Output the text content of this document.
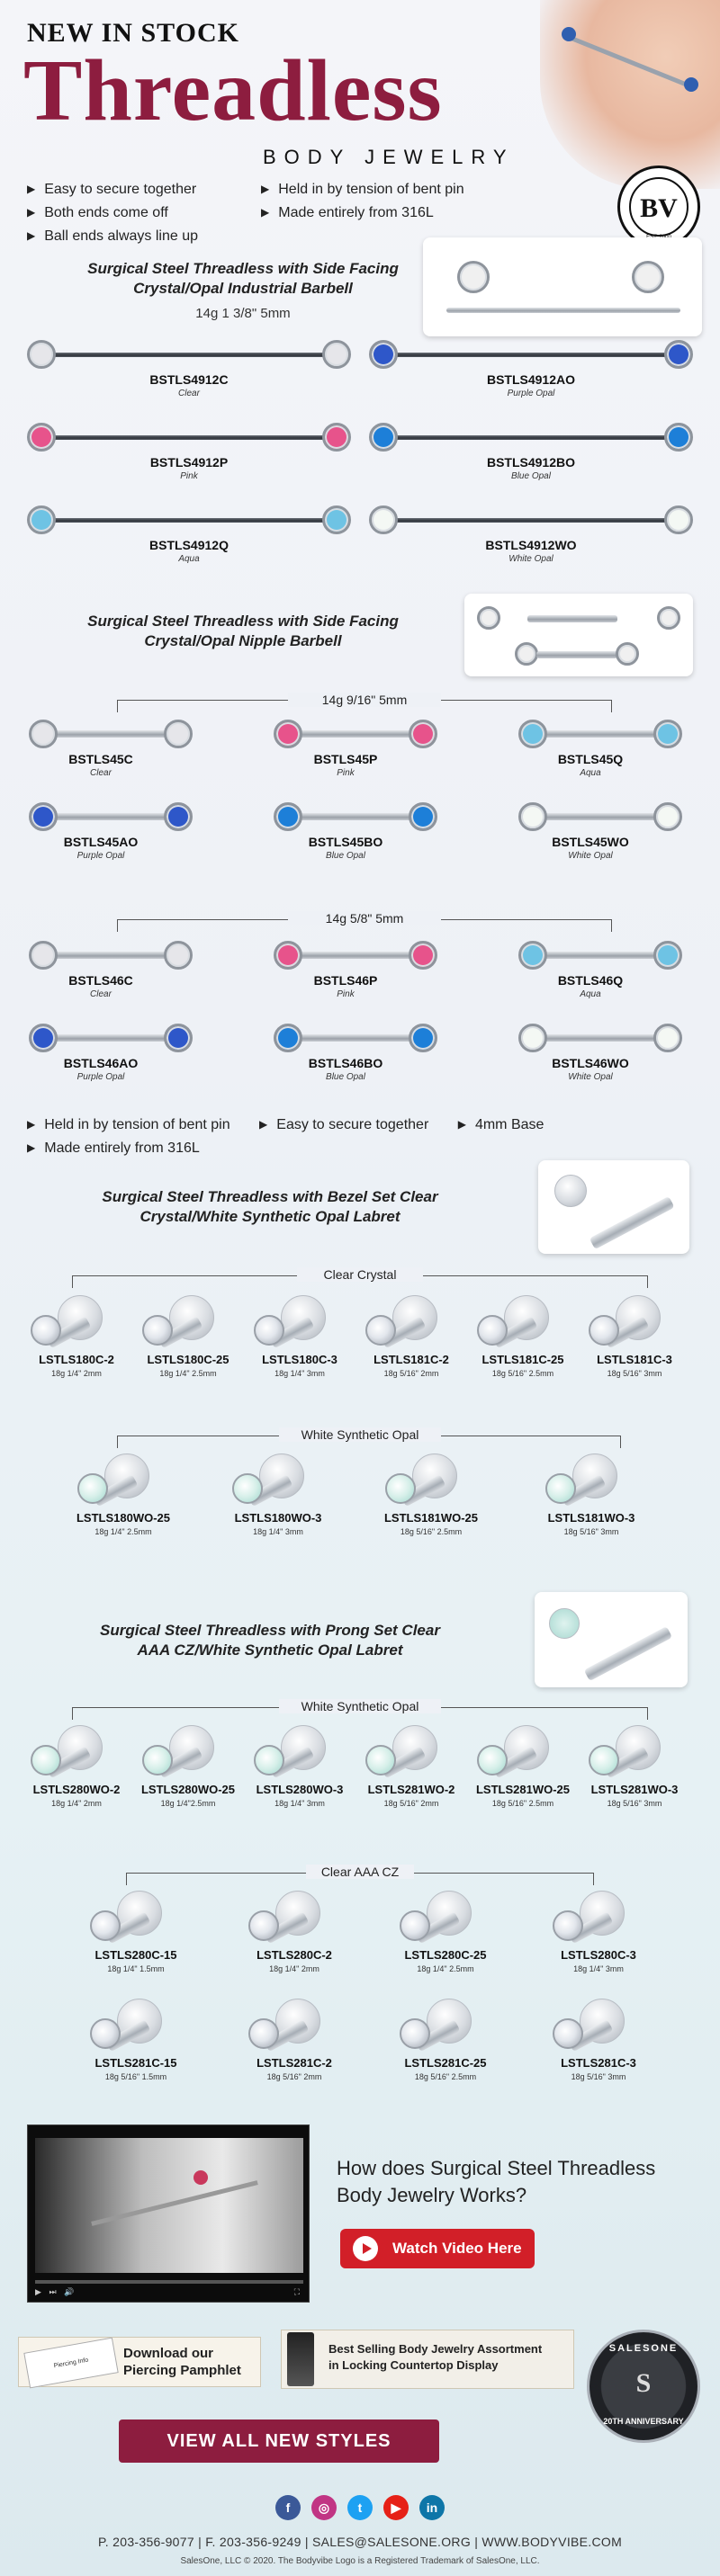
NEW IN STOCK
Threadless
BODY JEWELRY
▶ Easy to secure together
▶ Both ends come off
▶ Ball ends always line up
▶ Held in by tension of bent pin
▶ Made entirely from 316L	BV
Surgical Steel Threadless with Side Facing
Crystal/Opal Industrial Barbell
14g 1 3/8" 5mm
Surgical Steel Threadless with Side Facing
Crystal/Opal Nipple Barbell
14g 9/16" 5mm
14g 5/8" 5mm
▶ Held in by tension of bent pin	▶ Easy to secure together	▶ 4mm Base
▶ Made entirely from 316L
Surgical Steel Threadless with Bezel Set Clear
Crystal/White Synthetic Opal Labret
Clear Crystal
White Synthetic Opal
Surgical Steel Threadless with Prong Set Clear
AAA CZ/White Synthetic Opal Labret
White Synthetic Opal
Clear AAA CZ
▶ ⏭ 🔊	⛶
How does Surgical Steel Threadless
Body Jewelry Works?
Watch Video Here
Piercing Info
Download our
Piercing Pamphlet
Best Selling Body Jewelry Assortment
in Locking Countertop Display
SALESONE
S
20TH ANNIVERSARY
VIEW ALL NEW STYLES
P. 203-356-9077 | F. 203-356-9249 | SALES@SALESONE.ORG | WWW.BODYVIBE.COM
SalesOne, LLC © 2020. The Bodyvibe Logo is a Registered Trademark of SalesOne, LLC.
BSTLS4912C
Clear
BSTLS4912AO
Purple Opal
BSTLS4912P
Pink
BSTLS4912BO
Blue Opal
BSTLS4912Q
Aqua
BSTLS4912WO
White Opal
BSTLS45C
Clear
BSTLS45P
Pink
BSTLS45Q
Aqua
BSTLS45AO
Purple Opal
BSTLS45BO
Blue Opal
BSTLS45WO
White Opal
BSTLS46C
Clear
BSTLS46P
Pink
BSTLS46Q
Aqua
BSTLS46AO
Purple Opal
BSTLS46BO
Blue Opal
BSTLS46WO
White Opal
LSTLS180C-2
18g 1/4" 2mm
LSTLS180C-25
18g 1/4" 2.5mm
LSTLS180C-3
18g 1/4" 3mm
LSTLS181C-2
18g 5/16" 2mm
LSTLS181C-25
18g 5/16" 2.5mm
LSTLS181C-3
18g 5/16" 3mm
LSTLS180WO-25
18g 1/4" 2.5mm
LSTLS180WO-3
18g 1/4" 3mm
LSTLS181WO-25
18g 5/16" 2.5mm
LSTLS181WO-3
18g 5/16" 3mm
LSTLS280WO-2
18g 1/4" 2mm
LSTLS280WO-25
18g 1/4"2.5mm
LSTLS280WO-3
18g 1/4" 3mm
LSTLS281WO-2
18g 5/16" 2mm
LSTLS281WO-25
18g 5/16" 2.5mm
LSTLS281WO-3
18g 5/16" 3mm
LSTLS280C-15
18g 1/4" 1.5mm
LSTLS280C-2
18g 1/4" 2mm
LSTLS280C-25
18g 1/4" 2.5mm
LSTLS280C-3
18g 1/4" 3mm
LSTLS281C-15
18g 5/16" 1.5mm
LSTLS281C-2
18g 5/16" 2mm
LSTLS281C-25
18g 5/16" 2.5mm
LSTLS281C-3
18g 5/16" 3mm
f	◎	t	▶	in
